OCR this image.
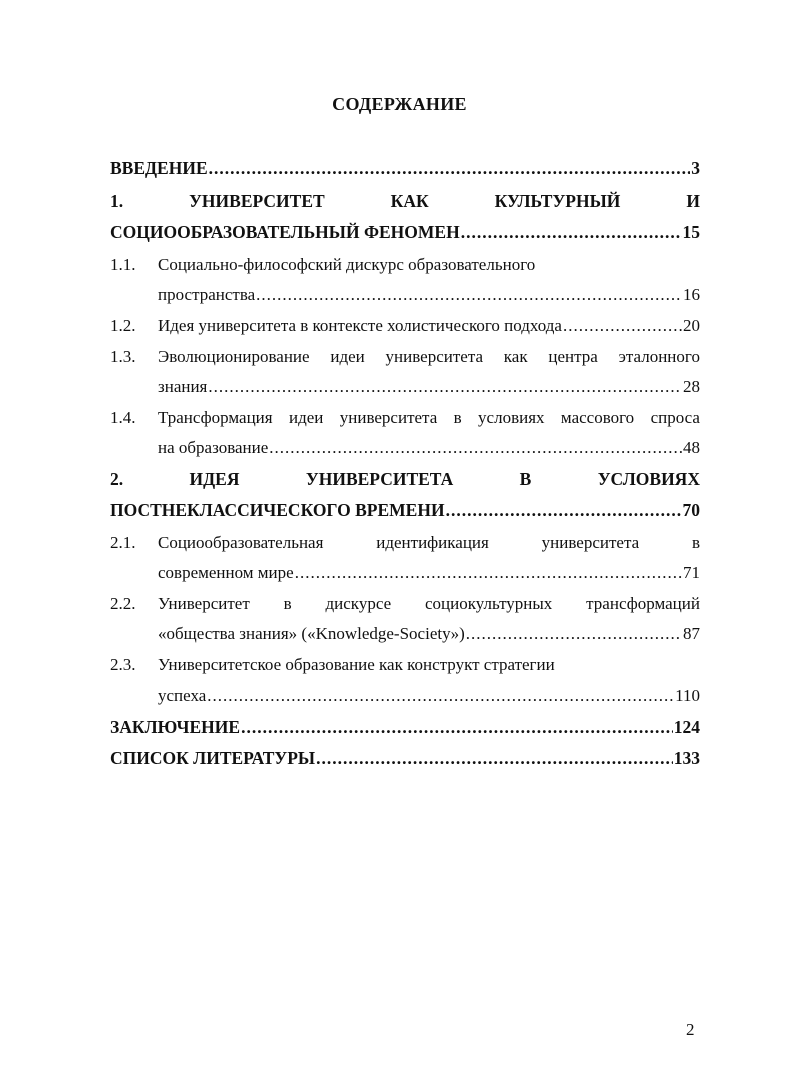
СОДЕРЖАНИЕ
ВВЕДЕНИЕ .....	3
1.	УНИВЕРСИТЕТ	КАК	КУЛЬТУРНЫЙ	И
СОЦИООБРАЗОВАТЕЛЬНЫЙ ФЕНОМЕН .....	15
1.1.	Социально-философский дискурс образовательного
пространства .....	16
1.2.	Идея университета в контексте холистического подхода .....	20
1.3.	Эволюционирование идеи университета как центра эталонного
знания .....	28
1.4.	Трансформация идеи университета в условиях массового спроса
на образование .....	48
2.	ИДЕЯ	УНИВЕРСИТЕТА	В	УСЛОВИЯХ
ПОСТНЕКЛАССИЧЕСКОГО ВРЕМЕНИ .....	70
2.1.	Социообразовательная	идентификация	университета	в
современном мире .....	71
2.2.	Университет в дискурсе социокультурных трансформаций
«общества знания» («Knowledge-Society») .....	87
2.3.	Университетское образование как конструкт стратегии
успеха .....	110
ЗАКЛЮЧЕНИЕ .....	124
СПИСОК ЛИТЕРАТУРЫ .....	133
2
